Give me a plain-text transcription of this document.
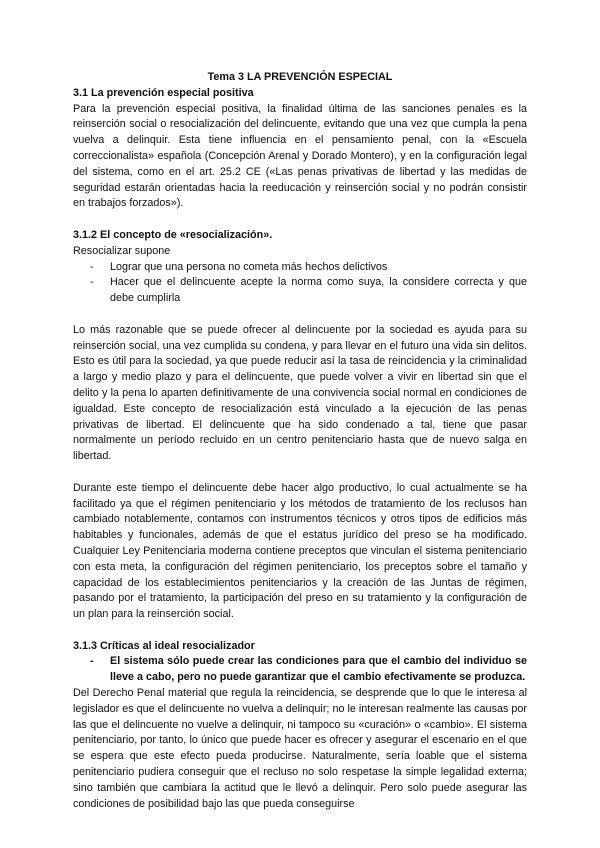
Tema 3 LA PREVENCIÓN ESPECIAL
3.1 La prevención especial positiva

Para la prevención especial positiva, la finalidad última de las sanciones penales es la reinserción social o resocialización del delincuente, evitando que una vez que cumpla la pena vuelva a delinquir. Esta tiene influencia en el pensamiento penal, con la «Escuela correccionalista» española (Concepción Arenal y Dorado Montero), y en la configuración legal del sistema, como en el art. 25.2 CE («Las penas privativas de libertad y las medidas de seguridad estarán orientadas hacia la reeducación y reinserción social y no podrán consistir en trabajos forzados»).

3.1.2 El concepto de «resocialización».
Resocializar supone
- Lograr que una persona no cometa más hechos delictivos
- Hacer que el delincuente acepte la norma como suya, la considere correcta y que debe cumplirla

Lo más razonable que se puede ofrecer al delincuente por la sociedad es ayuda para su reinserción social, una vez cumplida su condena, y para llevar en el futuro una vida sin delitos. Esto es útil para la sociedad, ya que puede reducir así la tasa de reincidencia y la criminalidad a largo y medio plazo y para el delincuente, que puede volver a vivir en libertad sin que el delito y la pena lo aparten definitivamente de una convivencia social normal en condiciones de igualdad. Este concepto de resocialización está vinculado a la ejecución de las penas privativas de libertad. El delincuente que ha sido condenado a tal, tiene que pasar normalmente un período recluido en un centro penitenciario hasta que de nuevo salga en libertad.

Durante este tiempo el delincuente debe hacer algo productivo, lo cual actualmente se ha facilitado ya que el régimen penitenciario y los métodos de tratamiento de los reclusos han cambiado notablemente, contamos con instrumentos técnicos y otros tipos de edificios más habitables y funcionales, además de que el estatus jurídico del preso se ha modificado. Cualquier Ley Penitenciaria moderna contiene preceptos que vinculan el sistema penitenciario con esta meta, la configuración del régimen penitenciario, los preceptos sobre el tamaño y capacidad de los establecimientos penitenciarios y la creación de las Juntas de régimen, pasando por el tratamiento, la participación del preso en su tratamiento y la configuración de un plan para la reinserción social.

3.1.3 Críticas al ideal resocializador
- El sistema sólo puede crear las condiciones para que el cambio del individuo se lleve a cabo, pero no puede garantizar que el cambio efectivamente se produzca.

Del Derecho Penal material que regula la reincidencia, se desprende que lo que le interesa al legislador es que el delincuente no vuelva a delinquir; no le interesan realmente las causas por las que el delincuente no vuelve a delinquir, ni tampoco su «curación» o «cambio». El sistema penitenciario, por tanto, lo único que puede hacer es ofrecer y asegurar el escenario en el que se espera que este efecto pueda producirse. Naturalmente, sería loable que el sistema penitenciario pudiera conseguir que el recluso no solo respetase la simple legalidad externa; sino también que cambiara la actitud que le llevó a delinquir. Pero solo puede asegurar las condiciones de posibilidad bajo las que pueda conseguirse
